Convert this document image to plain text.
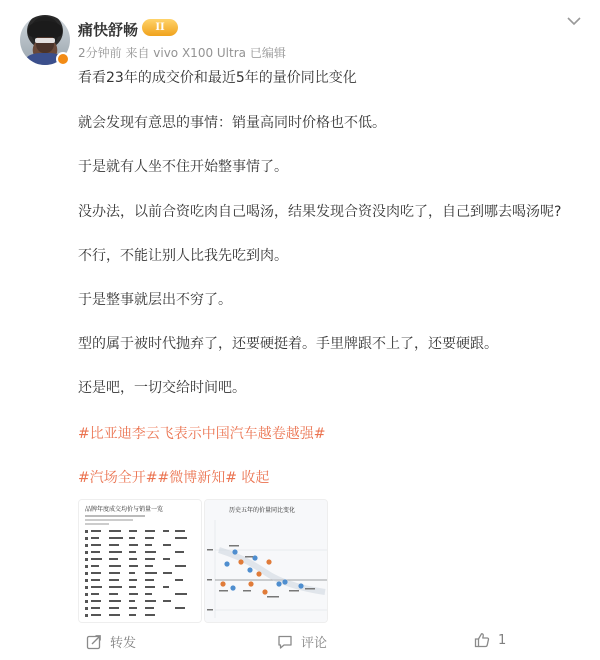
痛快舒畅	II
2分钟前 来自 vivo X100 Ultra 已编辑
看看23年的成交价和最近5年的量价同比变化
就会发现有意思的事情：销量高同时价格也不低。
于是就有人坐不住开始整事情了。
没办法，以前合资吃肉自己喝汤，结果发现合资没肉吃了，自己到哪去喝汤呢?
不行，不能让别人比我先吃到肉。
于是整事就层出不穷了。
型的属于被时代抛弃了，还要硬挺着。手里牌跟不上了，还要硬跟。
还是吧，一切交给时间吧。
#比亚迪李云飞表示中国汽车越卷越强#
#汽场全开##微博新知# 收起
品牌年度成交均价与销量一览	历史五年的价量同比变化
转发	评论	1
